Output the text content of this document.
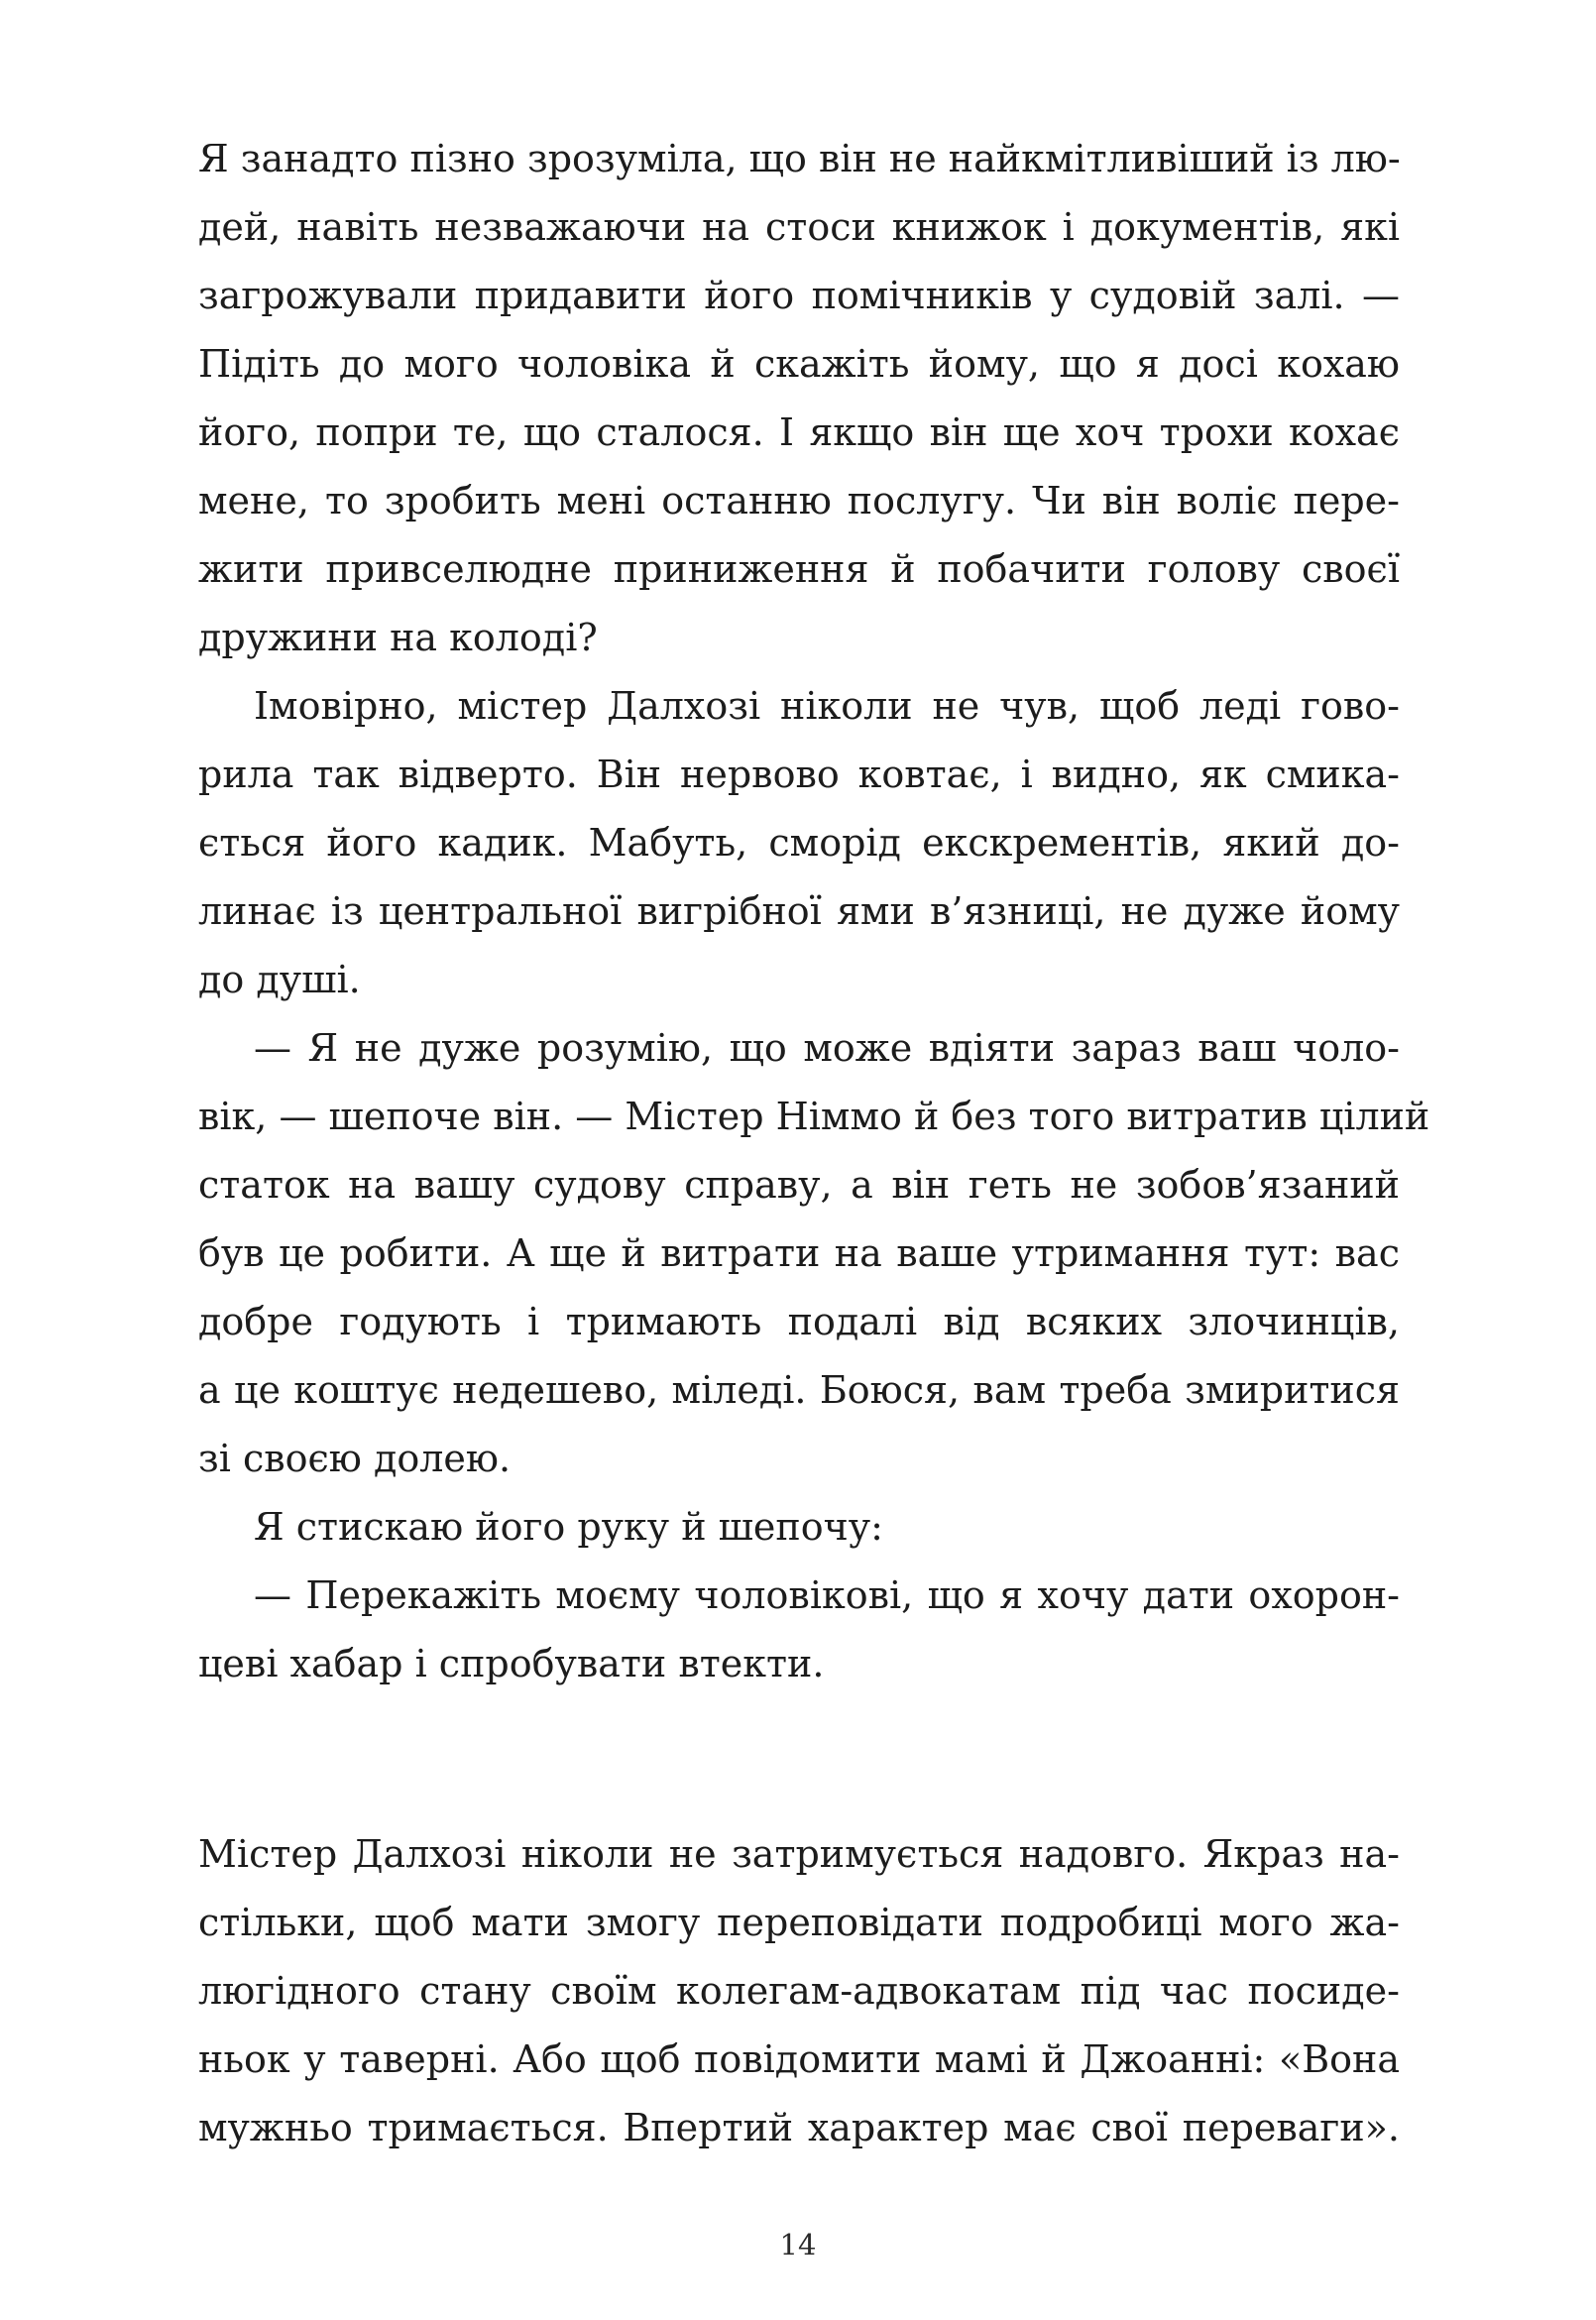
Я занадто пізно зрозуміла, що він не найкмітливіший із лю-
дей, навіть незважаючи на стоси книжок і документів, які
загрожували придавити його помічників у судовій залі. —
Підіть до мого чоловіка й скажіть йому, що я досі кохаю
його, попри те, що сталося. І якщо він ще хоч трохи кохає
мене, то зробить мені останню послугу. Чи він воліє пере-
жити привселюдне приниження й побачити голову своєї
дружини на колоді?
Імовірно, містер Далхозі ніколи не чув, щоб леді гово-
рила так відверто. Він нервово ковтає, і видно, як смика-
ється його кадик. Мабуть, сморід екскрементів, який до-
линає із центральної вигрібної ями в’язниці, не дуже йому
до душі.
— Я не дуже розумію, що може вдіяти зараз ваш чоло-
вік, — шепоче він. — Містер Німмо й без того витратив цілий
статок на вашу судову справу, а він геть не зобов’язаний
був це робити. А ще й витрати на ваше утримання тут: вас
добре годують і тримають подалі від всяких злочинців,
а це коштує недешево, міледі. Боюся, вам треба змиритися
зі своєю долею.
Я стискаю його руку й шепочу:
— Перекажіть моєму чоловікові, що я хочу дати охорон-
цеві хабар і спробувати втекти.
Містер Далхозі ніколи не затримується надовго. Якраз на-
стільки, щоб мати змогу переповідати подробиці мого жа-
люгідного стану своїм колегам-адвокатам під час посиде-
ньок у таверні. Або щоб повідомити мамі й Джоанні: «Вона
мужньо тримається. Впертий характер має свої переваги».
14
